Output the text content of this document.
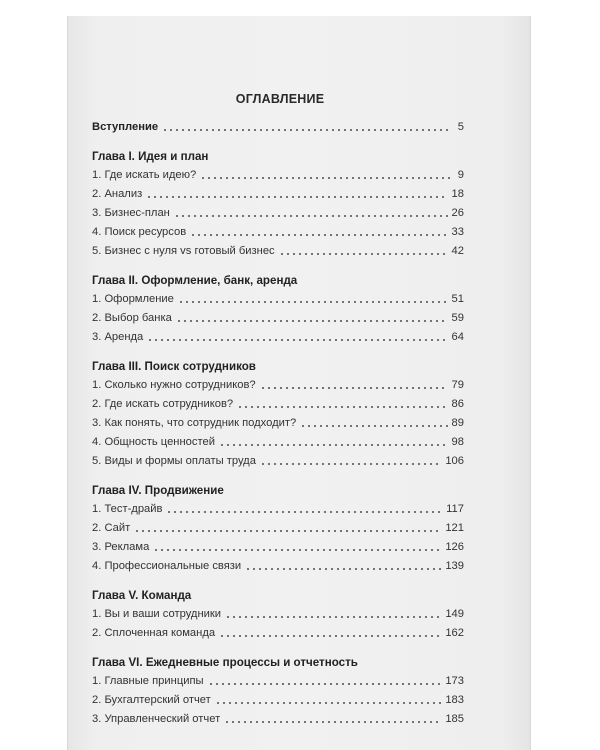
ОГЛАВЛЕНИЕ
Вступление	5
Глава I. Идея и план
1. Где искать идею?	9
2. Анализ	18
3. Бизнес-план	26
4. Поиск ресурсов	33
5. Бизнес с нуля vs готовый бизнес	42
Глава II. Оформление, банк, аренда
1. Оформление	51
2. Выбор банка	59
3. Аренда	64
Глава III. Поиск сотрудников
1. Сколько нужно сотрудников?	79
2. Где искать сотрудников?	86
3. Как понять, что сотрудник подходит?	89
4. Общность ценностей	98
5. Виды и формы оплаты труда	106
Глава IV. Продвижение
1. Тест-драйв	117
2. Сайт	121
3. Реклама	126
4. Профессиональные связи	139
Глава V. Команда
1. Вы и ваши сотрудники	149
2. Сплоченная команда	162
Глава VI. Ежедневные процессы и отчетность
1. Главные принципы	173
2. Бухгалтерский отчет	183
3. Управленческий отчет	185
